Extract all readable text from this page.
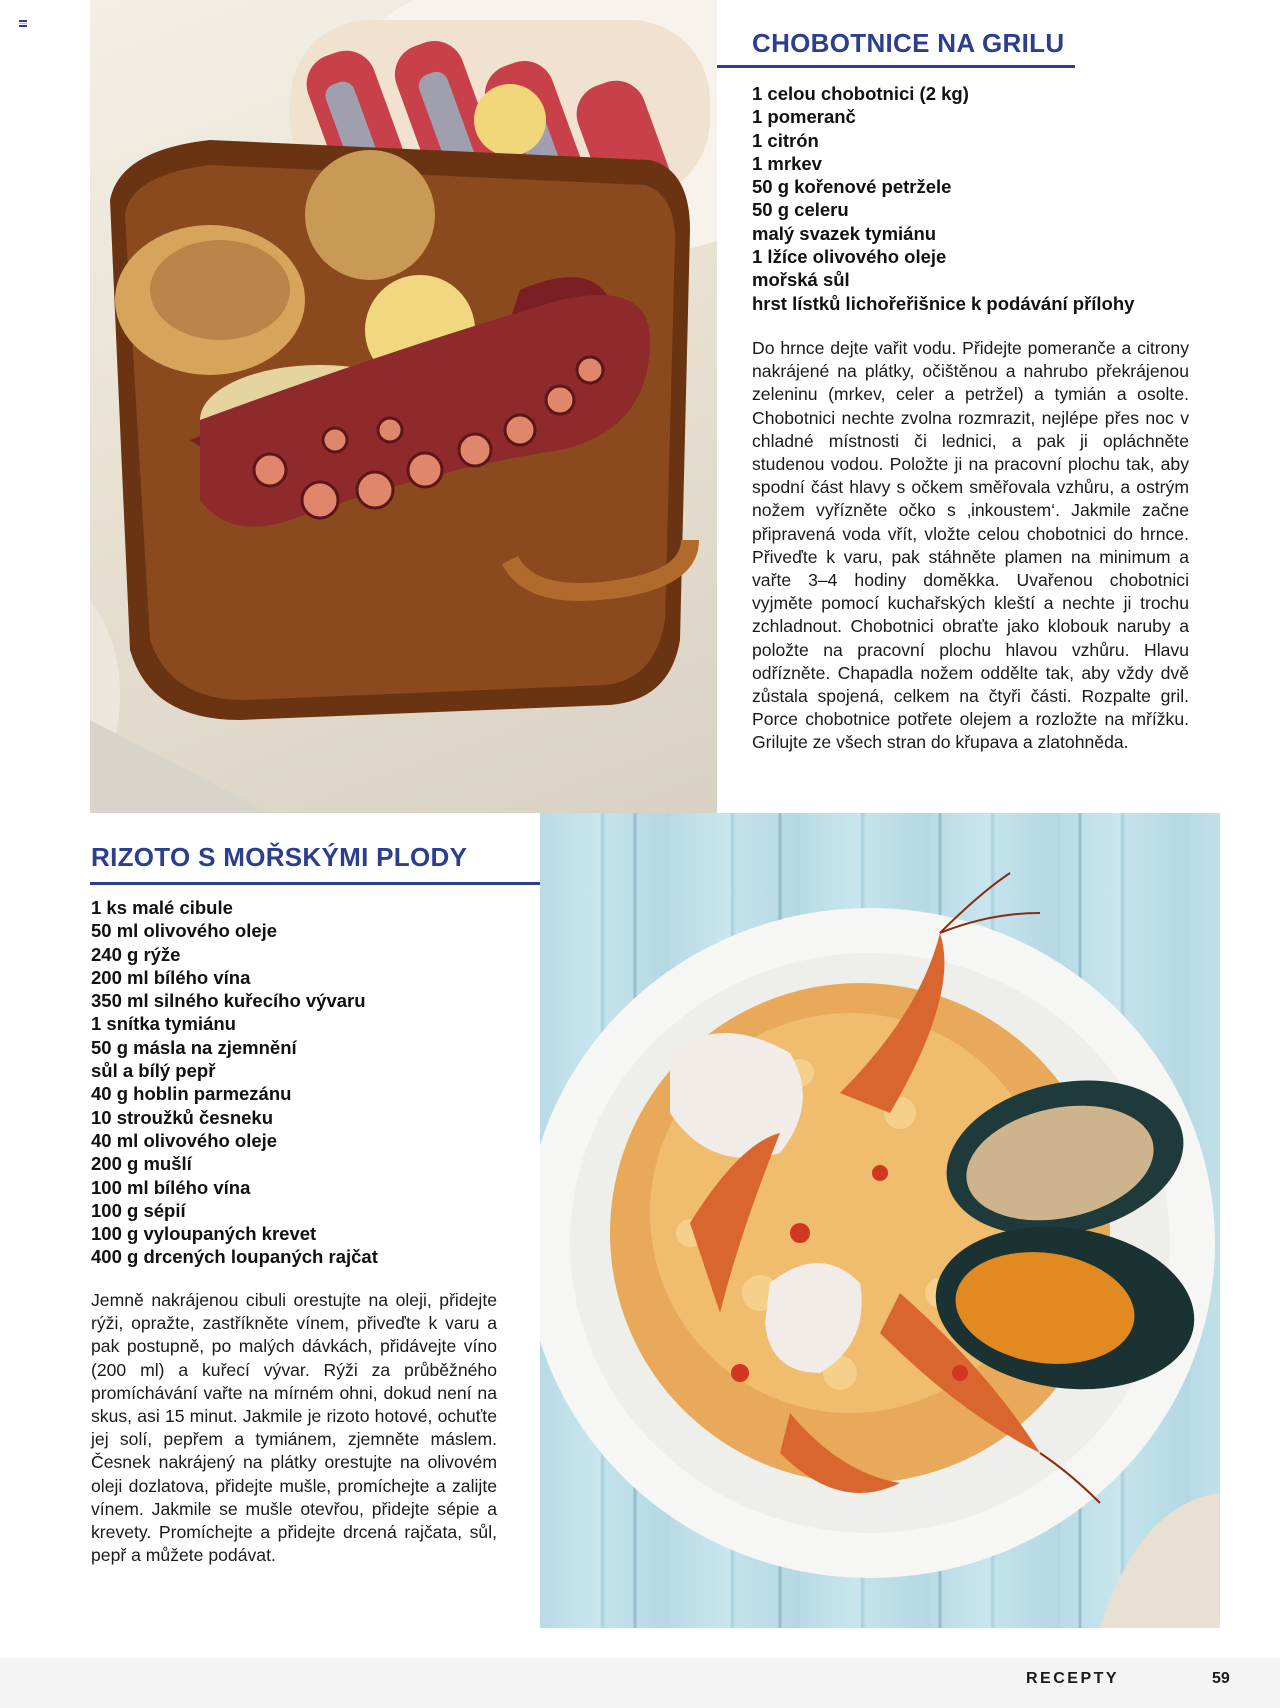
CHOBOTNICE NA GRILU
1 celou chobotnici (2 kg)
1 pomeranč
1 citrón
1 mrkev
50 g kořenové petržele
50 g celeru
malý svazek tymiánu
1 lžíce olivového oleje
mořská sůl
hrst lístků lichořeřišnice k podávání přílohy

Do hrnce dejte vařit vodu. Přidejte pomeranče a citrony nakrájené na plátky, očištěnou a nahrubo překrájenou zeleninu (mrkev, celer a petržel) a tymián a osolte. Chobotnici nechte zvolna rozmrazit, nejlépe přes noc v chladné místnosti či lednici, a pak ji opláchněte studenou vodou. Položte ji na pracovní plochu tak, aby spodní část hlavy s očkem směřovala vzhůru, a ostrým nožem vyřízněte očko s ‚inkoustem‘. Jakmile začne připravená voda vřít, vložte celou chobotnici do hrnce. Přiveďte k varu, pak stáhněte plamen na minimum a vařte 3–4 hodiny doměkka. Uvařenou chobotnici vyjměte pomocí kuchařských kleští a nechte ji trochu zchladnout. Chobotnici obraťte jako klobouk naruby a položte na pracovní plochu hlavou vzhůru. Hlavu odřízněte. Chapadla nožem oddělte tak, aby vždy dvě zůstala spojená, celkem na čtyři části. Rozpalte gril. Porce chobotnice potřete olejem a rozložte na mřížku. Grilujte ze všech stran do křupava a zlatohněda.

RIZOTO S MOŘSKÝMI PLODY
1 ks malé cibule
50 ml olivového oleje
240 g rýže
200 ml bílého vína
350 ml silného kuřecího vývaru
1 snítka tymiánu
50 g másla na zjemnění
sůl a bílý pepř
40 g hoblin parmezánu
10 stroužků česneku
40 ml olivového oleje
200 g mušlí
100 ml bílého vína
100 g sépií
100 g vyloupaných krevet
400 g drcených loupaných rajčat

Jemně nakrájenou cibuli orestujte na oleji, přidejte rýži, opražte, zastříkněte vínem, přiveďte k varu a pak postupně, po malých dávkách, přidávejte víno (200 ml) a kuřecí vývar. Rýži za průběžného promíchávání vařte na mírném ohni, dokud není na skus, asi 15 minut. Jakmile je rizoto hotové, ochuťte jej solí, pepřem a tymiánem, zjemněte máslem. Česnek nakrájený na plátky orestujte na olivovém oleji dozlatova, přidejte mušle, promíchejte a zalijte vínem. Jakmile se mušle otevřou, přidejte sépie a krevety. Promíchejte a přidejte drcená rajčata, sůl, pepř a můžete podávat.

RECEPTY	59
